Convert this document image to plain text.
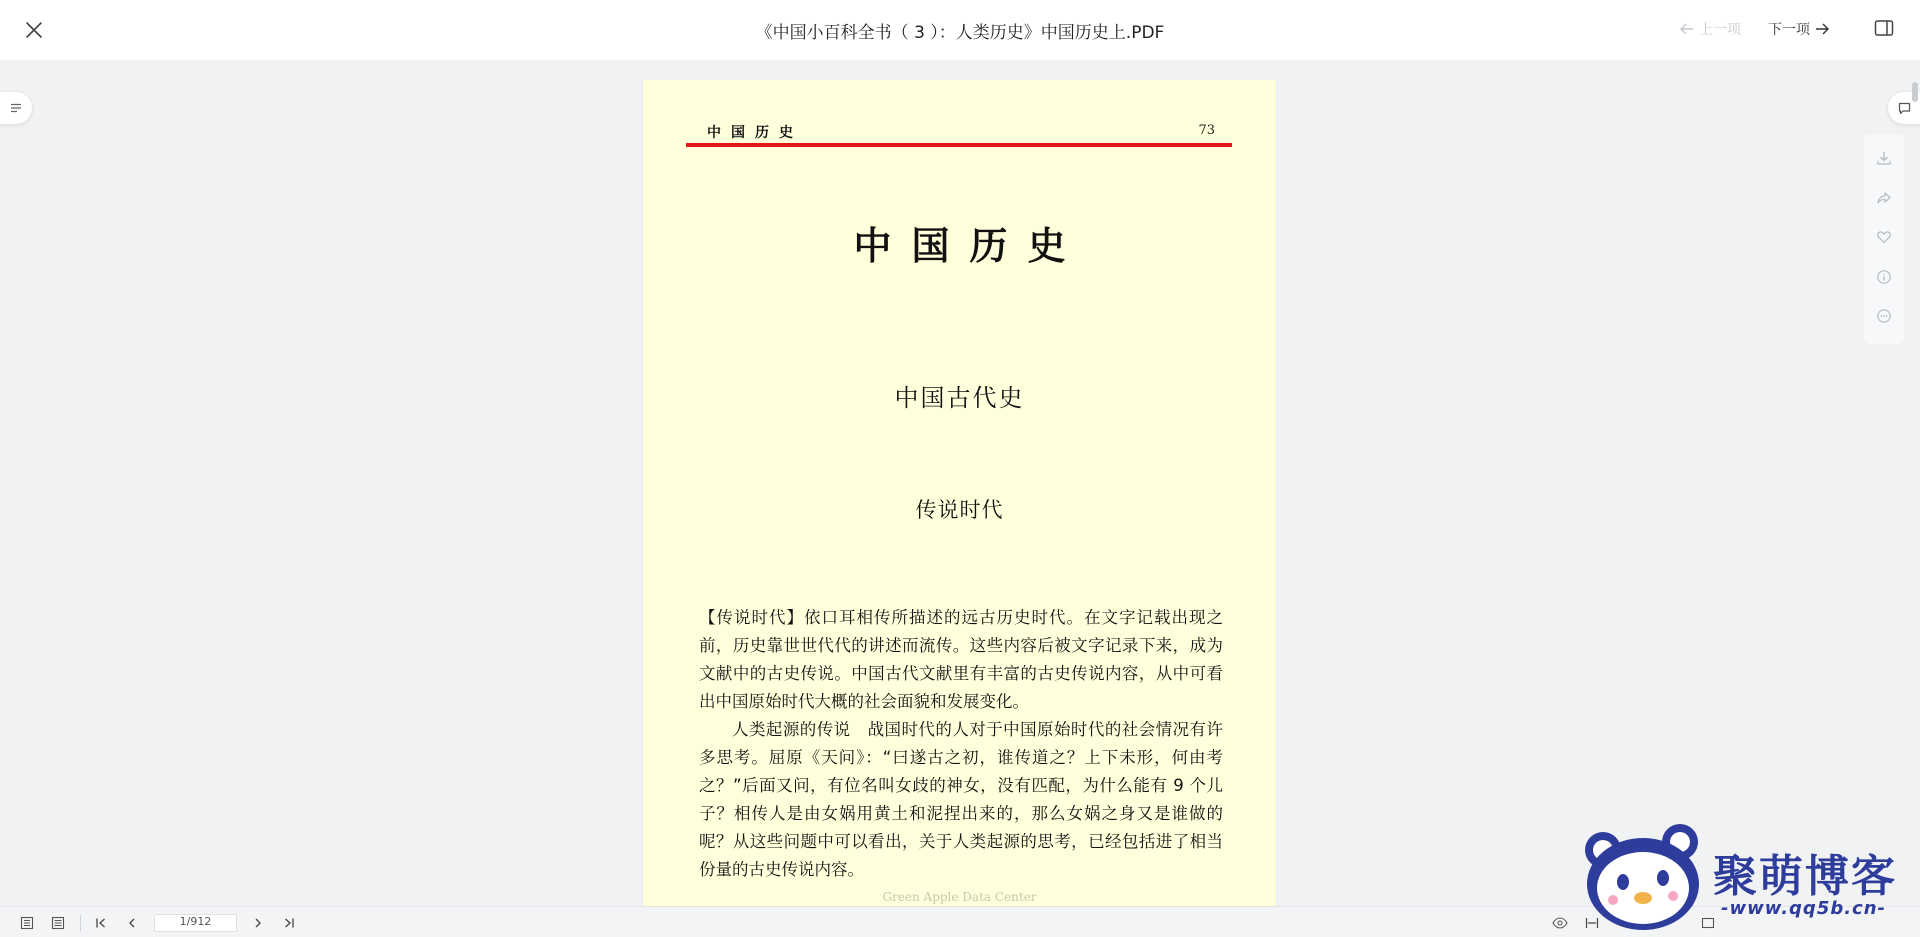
《中国小百科全书（ 3 ）：人类历史》中国历史上.PDF	上一项 下一项
中国历史	73
中国历史
中国古代史
传说时代

【传说时代】依口耳相传所描述的远古历史时代。在文字记载出现之前，历史靠世世代代的讲述而流传。这些内容后被文字记录下来，成为文献中的古史传说。中国古代文献里有丰富的古史传说内容，从中可看出中国原始时代大概的社会面貌和发展变化。

人类起源的传说　战国时代的人对于中国原始时代的社会情况有许多思考。屈原《天问》：“曰遂古之初，谁传道之？上下未形，何由考之？”后面又问，有位名叫女歧的神女，没有匹配，为什么能有 9 个儿子？相传人是由女娲用黄土和泥捏出来的，那么女娲之身又是谁做的呢？从这些问题中可以看出，关于人类起源的思考，已经包括进了相当份量的古史传说内容。

Green Apple Data Center
1/912
聚萌博客
-www.qq5b.cn-
